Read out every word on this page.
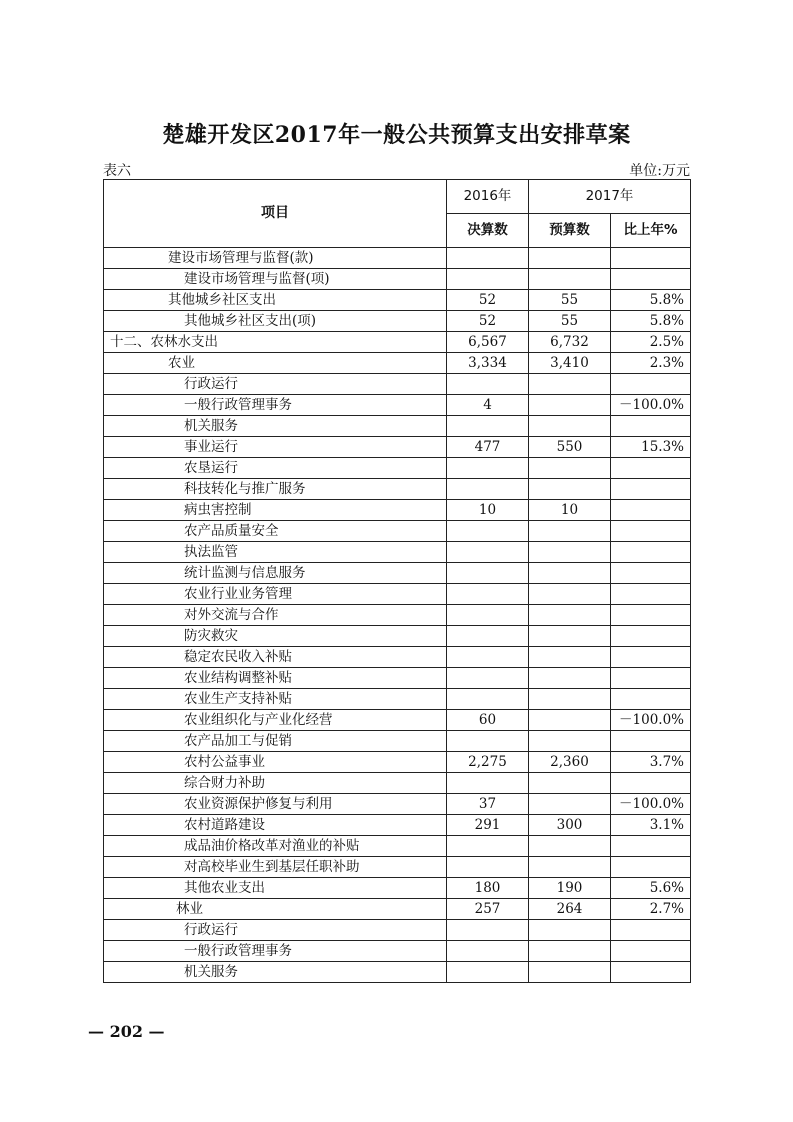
楚雄开发区2017年一般公共预算支出安排草案
表六	单位:万元
项目	2016年	2017年	
	决算数	预算数	比上年%
建设市场管理与监督(款)			
建设市场管理与监督(项)			
其他城乡社区支出	52	55	5.8%
其他城乡社区支出(项)	52	55	5.8%
十二、农林水支出	6,567	6,732	2.5%
农业	3,334	3,410	2.3%
行政运行			
一般行政管理事务	4		－100.0%
机关服务			
事业运行	477	550	15.3%
农垦运行			
科技转化与推广服务			
病虫害控制	10	10	
农产品质量安全			
执法监管			
统计监测与信息服务			
农业行业业务管理			
对外交流与合作			
防灾救灾			
稳定农民收入补贴			
农业结构调整补贴			
农业生产支持补贴			
农业组织化与产业化经营	60		－100.0%
农产品加工与促销			
农村公益事业	2,275	2,360	3.7%
综合财力补助			
农业资源保护修复与利用	37		－100.0%
农村道路建设	291	300	3.1%
成品油价格改革对渔业的补贴			
对高校毕业生到基层任职补助			
其他农业支出	180	190	5.6%
林业	257	264	2.7%
行政运行			
一般行政管理事务			
机关服务			
— 202 —
